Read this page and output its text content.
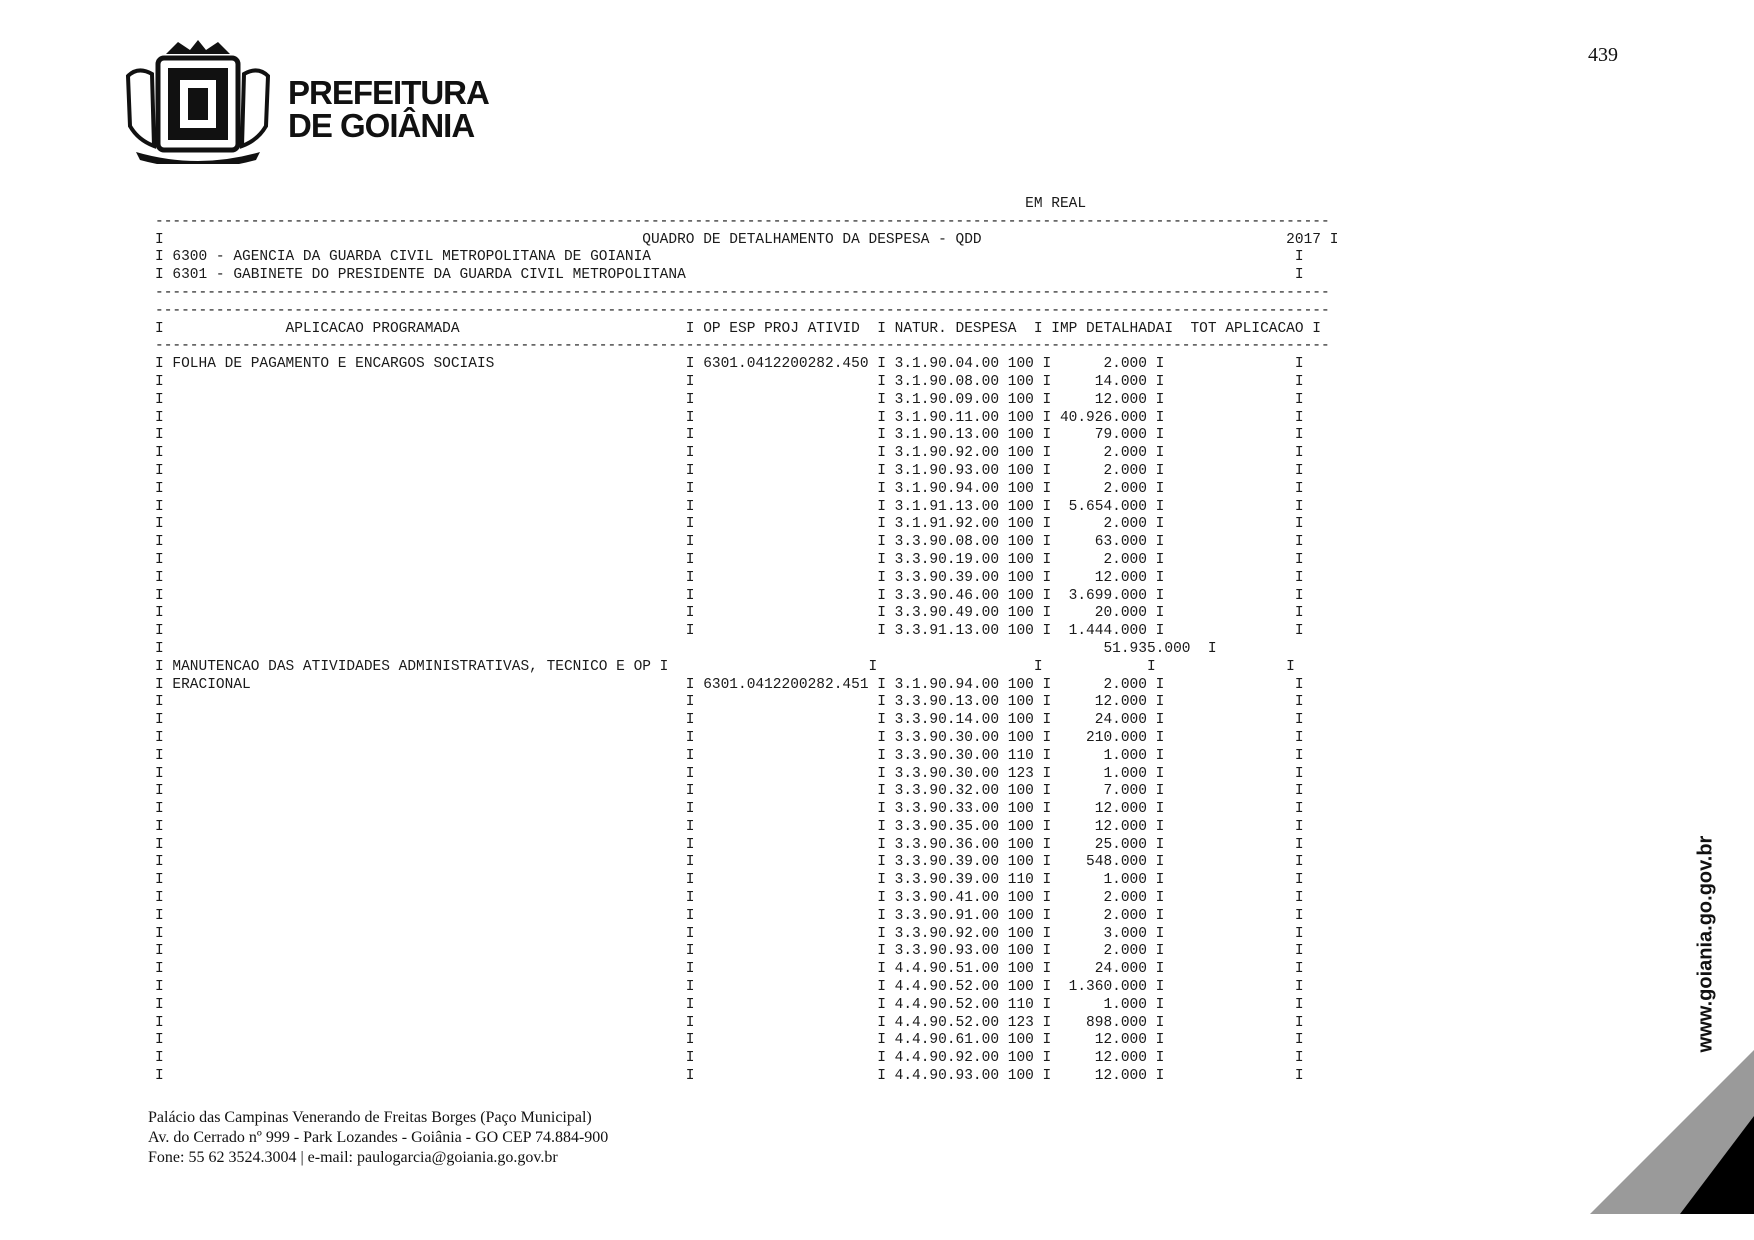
439
PREFEITURA
DE GOIÂNIA
EM REAL
---------------------------------------------------------------------------------------------------------------------------------------
I                                                       QUADRO DE DETALHAMENTO DA DESPESA - QDD                                   2017 I
I 6300 - AGENCIA DA GUARDA CIVIL METROPOLITANA DE GOIANIA                                                                          I
I 6301 - GABINETE DO PRESIDENTE DA GUARDA CIVIL METROPOLITANA                                                                      I
---------------------------------------------------------------------------------------------------------------------------------------
---------------------------------------------------------------------------------------------------------------------------------------
I              APLICACAO PROGRAMADA                          I OP ESP PROJ ATIVID  I NATUR. DESPESA  I IMP DETALHADAI  TOT APLICACAO I
---------------------------------------------------------------------------------------------------------------------------------------
I FOLHA DE PAGAMENTO E ENCARGOS SOCIAIS                      I 6301.0412200282.450 I 3.1.90.04.00 100 I      2.000 I               I
I                                                            I                     I 3.1.90.08.00 100 I     14.000 I               I
I                                                            I                     I 3.1.90.09.00 100 I     12.000 I               I
I                                                            I                     I 3.1.90.11.00 100 I 40.926.000 I               I
I                                                            I                     I 3.1.90.13.00 100 I     79.000 I               I
I                                                            I                     I 3.1.90.92.00 100 I      2.000 I               I
I                                                            I                     I 3.1.90.93.00 100 I      2.000 I               I
I                                                            I                     I 3.1.90.94.00 100 I      2.000 I               I
I                                                            I                     I 3.1.91.13.00 100 I  5.654.000 I               I
I                                                            I                     I 3.1.91.92.00 100 I      2.000 I               I
I                                                            I                     I 3.3.90.08.00 100 I     63.000 I               I
I                                                            I                     I 3.3.90.19.00 100 I      2.000 I               I
I                                                            I                     I 3.3.90.39.00 100 I     12.000 I               I
I                                                            I                     I 3.3.90.46.00 100 I  3.699.000 I               I
I                                                            I                     I 3.3.90.49.00 100 I     20.000 I               I
I                                                            I                     I 3.3.91.13.00 100 I  1.444.000 I               I
I                                                                                                            51.935.000  I
I MANUTENCAO DAS ATIVIDADES ADMINISTRATIVAS, TECNICO E OP I                       I                  I            I               I
I ERACIONAL                                                  I 6301.0412200282.451 I 3.1.90.94.00 100 I      2.000 I               I
I                                                            I                     I 3.3.90.13.00 100 I     12.000 I               I
I                                                            I                     I 3.3.90.14.00 100 I     24.000 I               I
I                                                            I                     I 3.3.90.30.00 100 I    210.000 I               I
I                                                            I                     I 3.3.90.30.00 110 I      1.000 I               I
I                                                            I                     I 3.3.90.30.00 123 I      1.000 I               I
I                                                            I                     I 3.3.90.32.00 100 I      7.000 I               I
I                                                            I                     I 3.3.90.33.00 100 I     12.000 I               I
I                                                            I                     I 3.3.90.35.00 100 I     12.000 I               I
I                                                            I                     I 3.3.90.36.00 100 I     25.000 I               I
I                                                            I                     I 3.3.90.39.00 100 I    548.000 I               I
I                                                            I                     I 3.3.90.39.00 110 I      1.000 I               I
I                                                            I                     I 3.3.90.41.00 100 I      2.000 I               I
I                                                            I                     I 3.3.90.91.00 100 I      2.000 I               I
I                                                            I                     I 3.3.90.92.00 100 I      3.000 I               I
I                                                            I                     I 3.3.90.93.00 100 I      2.000 I               I
I                                                            I                     I 4.4.90.51.00 100 I     24.000 I               I
I                                                            I                     I 4.4.90.52.00 100 I  1.360.000 I               I
I                                                            I                     I 4.4.90.52.00 110 I      1.000 I               I
I                                                            I                     I 4.4.90.52.00 123 I    898.000 I               I
I                                                            I                     I 4.4.90.61.00 100 I     12.000 I               I
I                                                            I                     I 4.4.90.92.00 100 I     12.000 I               I
I                                                            I                     I 4.4.90.93.00 100 I     12.000 I               I
Palácio das Campinas Venerando de Freitas Borges (Paço Municipal)
Av. do Cerrado nº 999 - Park Lozandes - Goiânia - GO CEP 74.884-900
Fone: 55 62 3524.3004 | e-mail: paulogarcia@goiania.go.gov.br
www.goiania.go.gov.br
